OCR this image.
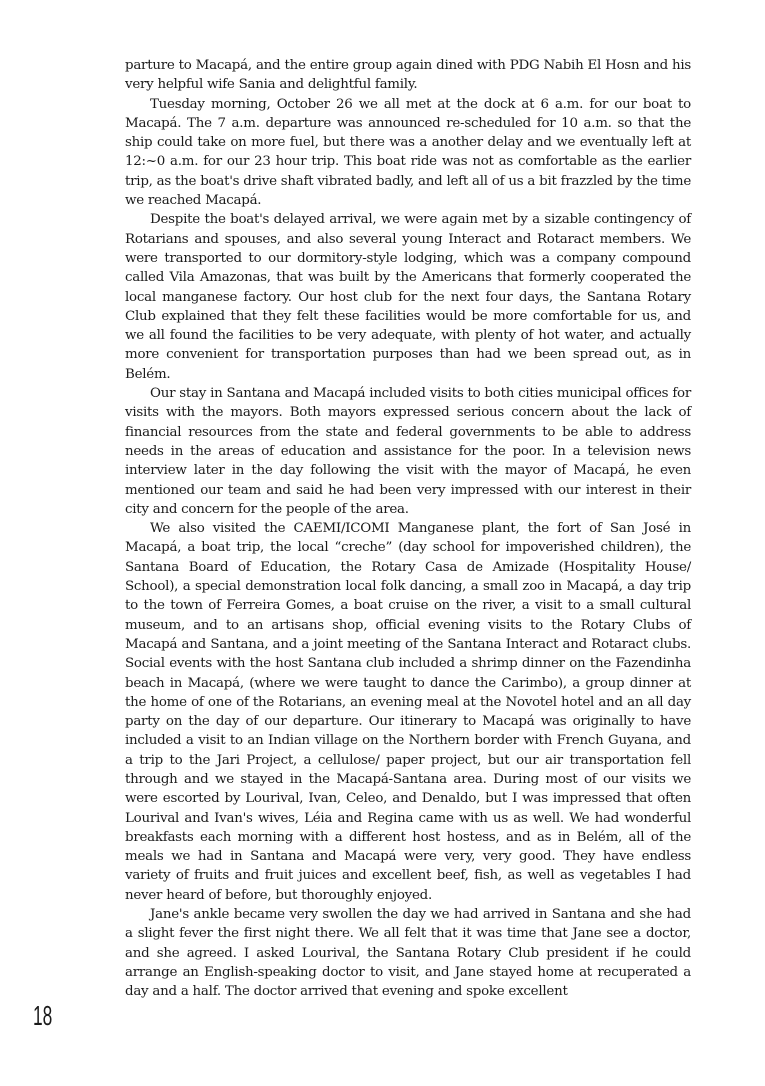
parture to Macapá, and the entire group again dined with PDG Nabih El Hosn and his very helpful wife Sania and delightful family.

Tuesday morning, October 26 we all met at the dock at 6 a.m. for our boat to Macapá. The 7 a.m. departure was announced re-scheduled for 10 a.m. so that the ship could take on more fuel, but there was a another delay and we eventually left at 12:~0 a.m. for our 23 hour trip. This boat ride was not as comfortable as the earlier trip, as the boat's drive shaft vibrated badly, and left all of us a bit frazzled by the time we reached Macapá.

Despite the boat's delayed arrival, we were again met by a sizable contingency of Rotarians and spouses, and also several young Interact and Rotaract members. We were transported to our dormitory-style lodging, which was a company compound called Vila Amazonas, that was built by the Americans that formerly cooperated the local manganese factory. Our host club for the next four days, the Santana Rotary Club explained that they felt these facilities would be more comfortable for us, and we all found the facilities to be very adequate, with plenty of hot water, and actually more convenient for transportation purposes than had we been spread out, as in Belém.

Our stay in Santana and Macapá included visits to both cities municipal offices for visits with the mayors. Both mayors expressed serious concern about the lack of financial resources from the state and federal governments to be able to address needs in the areas of education and assistance for the poor. In a television news interview later in the day following the visit with the mayor of Macapá, he even mentioned our team and said he had been very impressed with our interest in their city and concern for the people of the area.

We also visited the CAEMI/ICOMI Manganese plant, the fort of San José in Macapá, a boat trip, the local “creche” (day school for impoverished children), the Santana Board of Education, the Rotary Casa de Amizade (Hospitality House/ School), a special demonstration local folk dancing, a small zoo in Macapá, a day trip to the town of Ferreira Gomes, a boat cruise on the river, a visit to a small cultural museum, and to an artisans shop, official evening visits to the Rotary Clubs of Macapá and Santana, and a joint meeting of the Santana Interact and Rotaract clubs. Social events with the host Santana club included a shrimp dinner on the Fazendinha beach in Macapá, (where we were taught to dance the Carimbo), a group dinner at the home of one of the Rotarians, an evening meal at the Novotel hotel and an all day party on the day of our departure. Our itinerary to Macapá was originally to have included a visit to an Indian village on the Northern border with French Guyana, and a trip to the Jari Project, a cellulose/ paper project, but our air transportation fell through and we stayed in the Macapá-Santana area. During most of our visits we were escorted by Lourival, Ivan, Celeo, and Denaldo, but I was impressed that often Lourival and Ivan's wives, Léia and Regina came with us as well. We had wonderful breakfasts each morning with a different host hostess, and as in Belém, all of the meals we had in Santana and Macapá were very, very good. They have endless variety of fruits and fruit juices and excellent beef, fish, as well as vegetables I had never heard of before, but thoroughly enjoyed.

Jane's ankle became very swollen the day we had arrived in Santana and she had a slight fever the first night there. We all felt that it was time that Jane see a doctor, and she agreed. I asked Lourival, the Santana Rotary Club president if he could arrange an English-speaking doctor to visit, and Jane stayed home at recuperated a day and a half. The doctor arrived that evening and spoke excellent

18
